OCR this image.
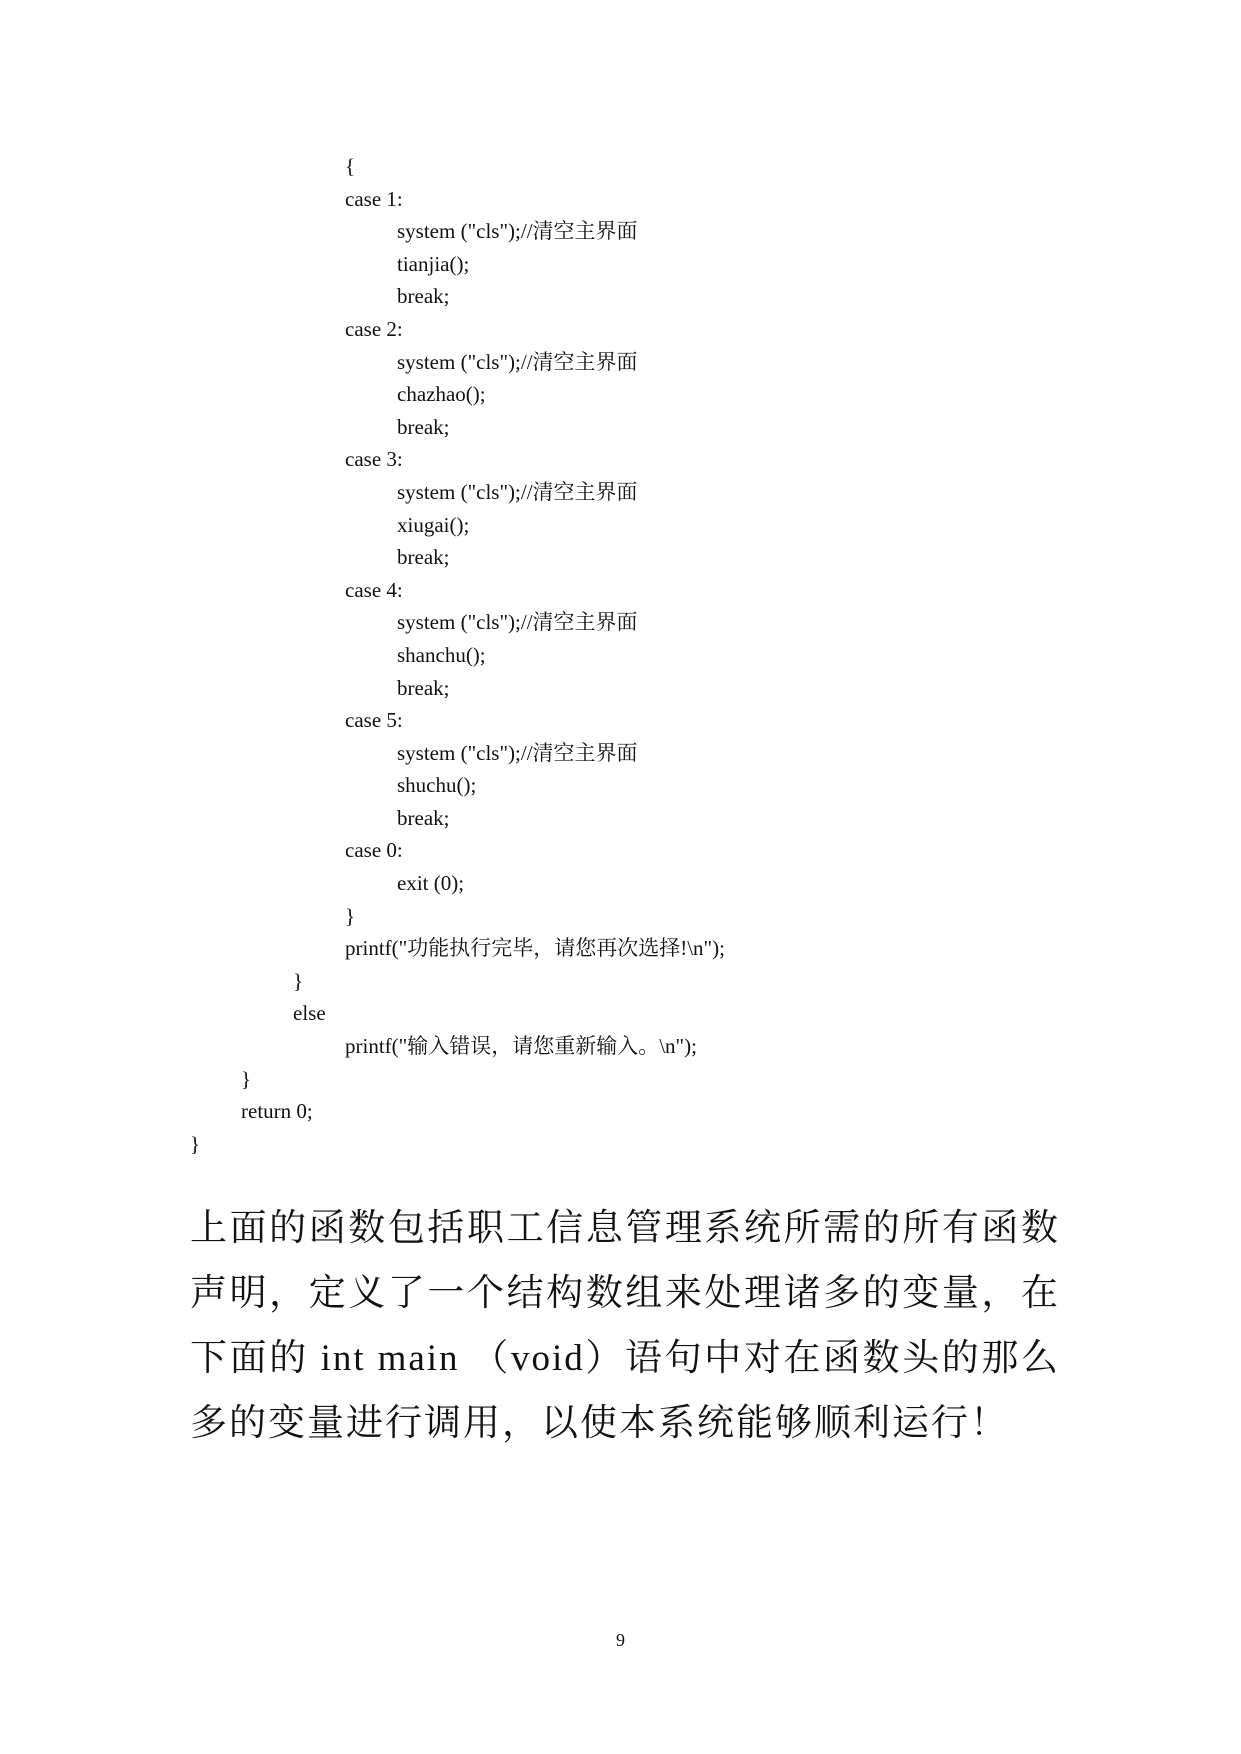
{
case 1:
system ("cls");//清空主界面
tianjia();
break;
case 2:
system ("cls");//清空主界面
chazhao();
break;
case 3:
system ("cls");//清空主界面
xiugai();
break;
case 4:
system ("cls");//清空主界面
shanchu();
break;
case 5:
system ("cls");//清空主界面
shuchu();
break;
case 0:
exit (0);
}
printf("功能执行完毕，请您再次选择!\n");
}
else
printf("输入错误，请您重新输入。\n");
}
return 0;
}
上面的函数包括职工信息管理系统所需的所有函数声明，定义了一个结构数组来处理诸多的变量，在下面的 int main （void）语句中对在函数头的那么多的变量进行调用，以使本系统能够顺利运行！
9
